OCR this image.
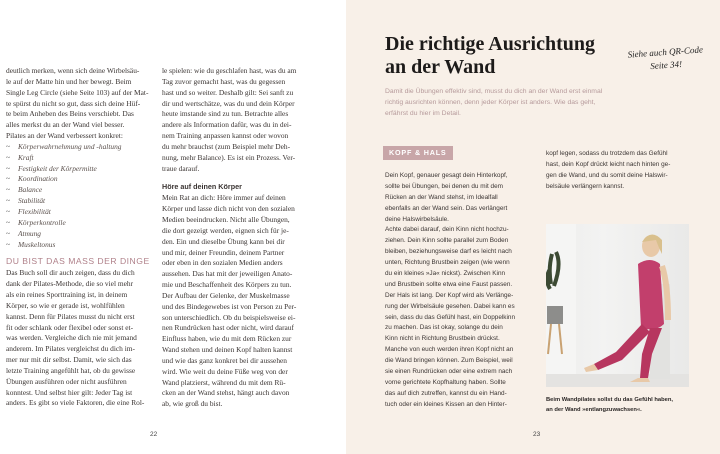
deutlich merken, wenn sich deine Wirbelsäu-
le auf der Matte hin und her bewegt. Beim
Single Leg Circle (siehe Seite 103) auf der Mat-
te spürst du nicht so gut, dass sich deine Hüf-
te beim Anheben des Beins verschiebt. Das
alles merkst du an der Wand viel besser.
Pilates an der Wand verbessert konkret:
~ Körperwahrnehmung und -haltung
~ Kraft
~ Festigkeit der Körpermitte
~ Koordination
~ Balance
~ Stabilität
~ Flexibilität
~ Körperkontrolle
~ Atmung
~ Muskeltonus
DU BIST DAS MASS DER DINGE
Das Buch soll dir auch zeigen, dass du dich
dank der Pilates-Methode, die so viel mehr
als ein reines Sporttraining ist, in deinem
Körper, so wie er gerade ist, wohlfühlen
kannst. Denn für Pilates musst du nicht erst
fit oder schlank oder flexibel oder sonst et-
was werden. Vergleiche dich nie mit jemand
anderem. Im Pilates vergleichst du dich im-
mer nur mit dir selbst. Damit, wie sich das
letzte Training angefühlt hat, ob du gewisse
Übungen ausführen oder nicht ausführen
konntest. Und selbst hier gilt: Jeder Tag ist
anders. Es gibt so viele Faktoren, die eine Rol-
le spielen: wie du geschlafen hast, was du am
Tag zuvor gemacht hast, was du gegessen
hast und so weiter. Deshalb gilt: Sei sanft zu
dir und wertschätze, was du und dein Körper
heute imstande sind zu tun. Betrachte alles
andere als Information dafür, was du in dei-
nem Training anpassen kannst oder wovon
du mehr brauchst (zum Beispiel mehr Deh-
nung, mehr Balance). Es ist ein Prozess. Ver-
traue darauf.
Höre auf deinen Körper
Mein Rat an dich: Höre immer auf deinen
Körper und lasse dich nicht von den sozialen
Medien beeindrucken. Nicht alle Übungen,
die dort gezeigt werden, eignen sich für je-
den. Ein und dieselbe Übung kann bei dir
und mir, deiner Freundin, deinem Partner
oder eben in den sozialen Medien anders
aussehen. Das hat mit der jeweiligen Anato-
mie und Beschaffenheit des Körpers zu tun.
Der Aufbau der Gelenke, der Muskelmasse
und des Bindegewebes ist von Person zu Per-
son unterschiedlich. Ob du beispielsweise ei-
nen Rundrücken hast oder nicht, wird darauf
Einfluss haben, wie du mit dem Rücken zur
Wand stehen und deinen Kopf halten kannst
und wie das ganz konkret bei dir aussehen
wird. Wie weit du deine Füße weg von der
Wand platzierst, während du mit dem Rü-
cken an der Wand stehst, hängt auch davon
ab, wie groß du bist.
22
Die richtige Ausrichtung
an der Wand
Siehe auch QR-Code
Seite 34!
Damit die Übungen effektiv sind, musst du dich an der Wand erst einmal
richtig ausrichten können, denn jeder Körper ist anders. Wie das geht,
erfährst du hier im Detail.
KOPF & HALS
Dein Kopf, genauer gesagt dein Hinterkopf,
sollte bei Übungen, bei denen du mit dem
Rücken an der Wand stehst, im Idealfall
ebenfalls an der Wand sein. Das verlängert
deine Halswirbelsäule.
Achte dabei darauf, dein Kinn nicht hochzu-
ziehen. Dein Kinn sollte parallel zum Boden
bleiben, beziehungsweise darf es leicht nach
unten, Richtung Brustbein zeigen (wie wenn
du ein kleines »Ja« nickst). Zwischen Kinn
und Brustbein sollte etwa eine Faust passen.
Der Hals ist lang. Der Kopf wird als Verlänge-
rung der Wirbelsäule gesehen. Dabei kann es
sein, dass du das Gefühl hast, ein Doppelkinn
zu machen. Das ist okay, solange du dein
Kinn nicht in Richtung Brustbein drückst.
Manche von euch werden ihren Kopf nicht an
die Wand bringen können. Zum Beispiel, weil
sie einen Rundrücken oder eine extrem nach
vorne gerichtete Kopfhaltung haben. Sollte
das auf dich zutreffen, kannst du ein Hand-
tuch oder ein kleines Kissen an den Hinter-
kopf legen, sodass du trotzdem das Gefühl
hast, dein Kopf drückt leicht nach hinten ge-
gen die Wand, und du somit deine Halswir-
belsäule verlängern kannst.
Beim Wandpilates sollst du das Gefühl haben,
an der Wand »entlangzuwachsen«.
23
